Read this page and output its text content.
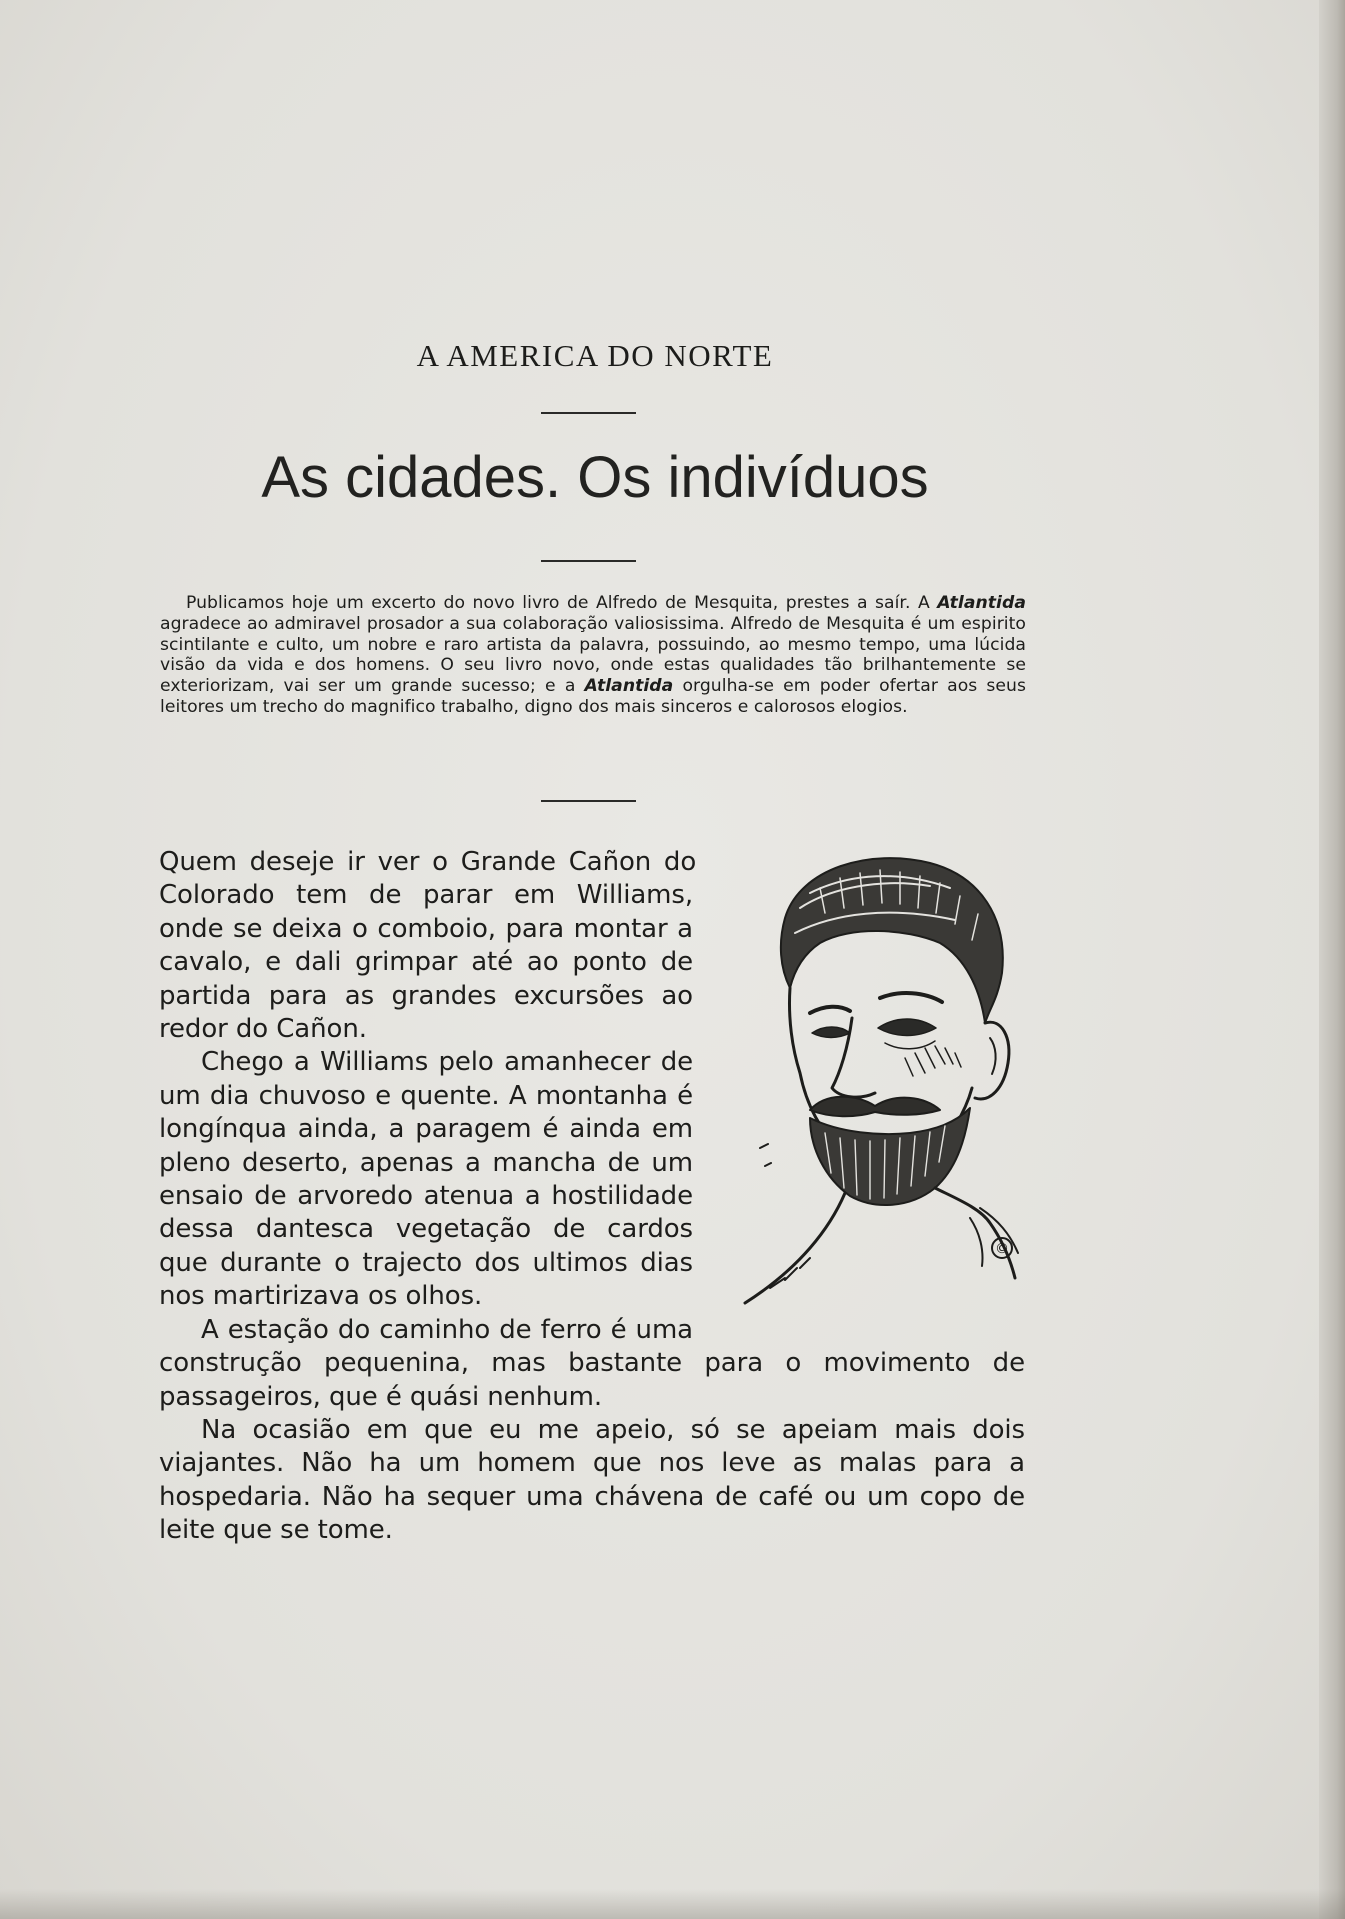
A AMERICA DO NORTE
As cidades. Os indivíduos
Publicamos hoje um excerto do novo livro de Alfredo de Mesquita, prestes a saír. A Atlantida agradece ao admiravel prosador a sua colaboração valiosissima. Alfredo de Mesquita é um espirito scintilante e culto, um nobre e raro artista da palavra, possuindo, ao mesmo tempo, uma lúcida visão da vida e dos homens. O seu livro novo, onde estas qualidades tão brilhantemente se exteriorizam, vai ser um grande sucesso; e a Atlantida orgulha-se em poder ofertar aos seus leitores um trecho do magnifico trabalho, digno dos mais sinceros e calorosos elogios.

Quem deseje ir ver o Grande Cañon do Colorado tem de parar em Williams, onde se deixa o comboio, para montar a cavalo, e dali grimpar até ao ponto de partida para as grandes excursões ao redor do Cañon.

Chego a Williams pelo amanhecer de um dia chuvoso e quente. A montanha é longínqua ainda, a paragem é ainda em pleno deserto, apenas a mancha de um ensaio de arvoredo atenua a hostilidade dessa dantesca vegetação de cardos que durante o trajecto dos ultimos dias nos martirizava os olhos.

A estação do caminho de ferro é uma construção pequenina, mas bastante para o movimento de passageiros, que é quási nenhum.

Na ocasião em que eu me apeio, só se apeiam mais dois viajantes. Não ha um homem que nos leve as malas para a hospedaria. Não ha sequer uma chávena de café ou um copo de leite que se tome.

©
